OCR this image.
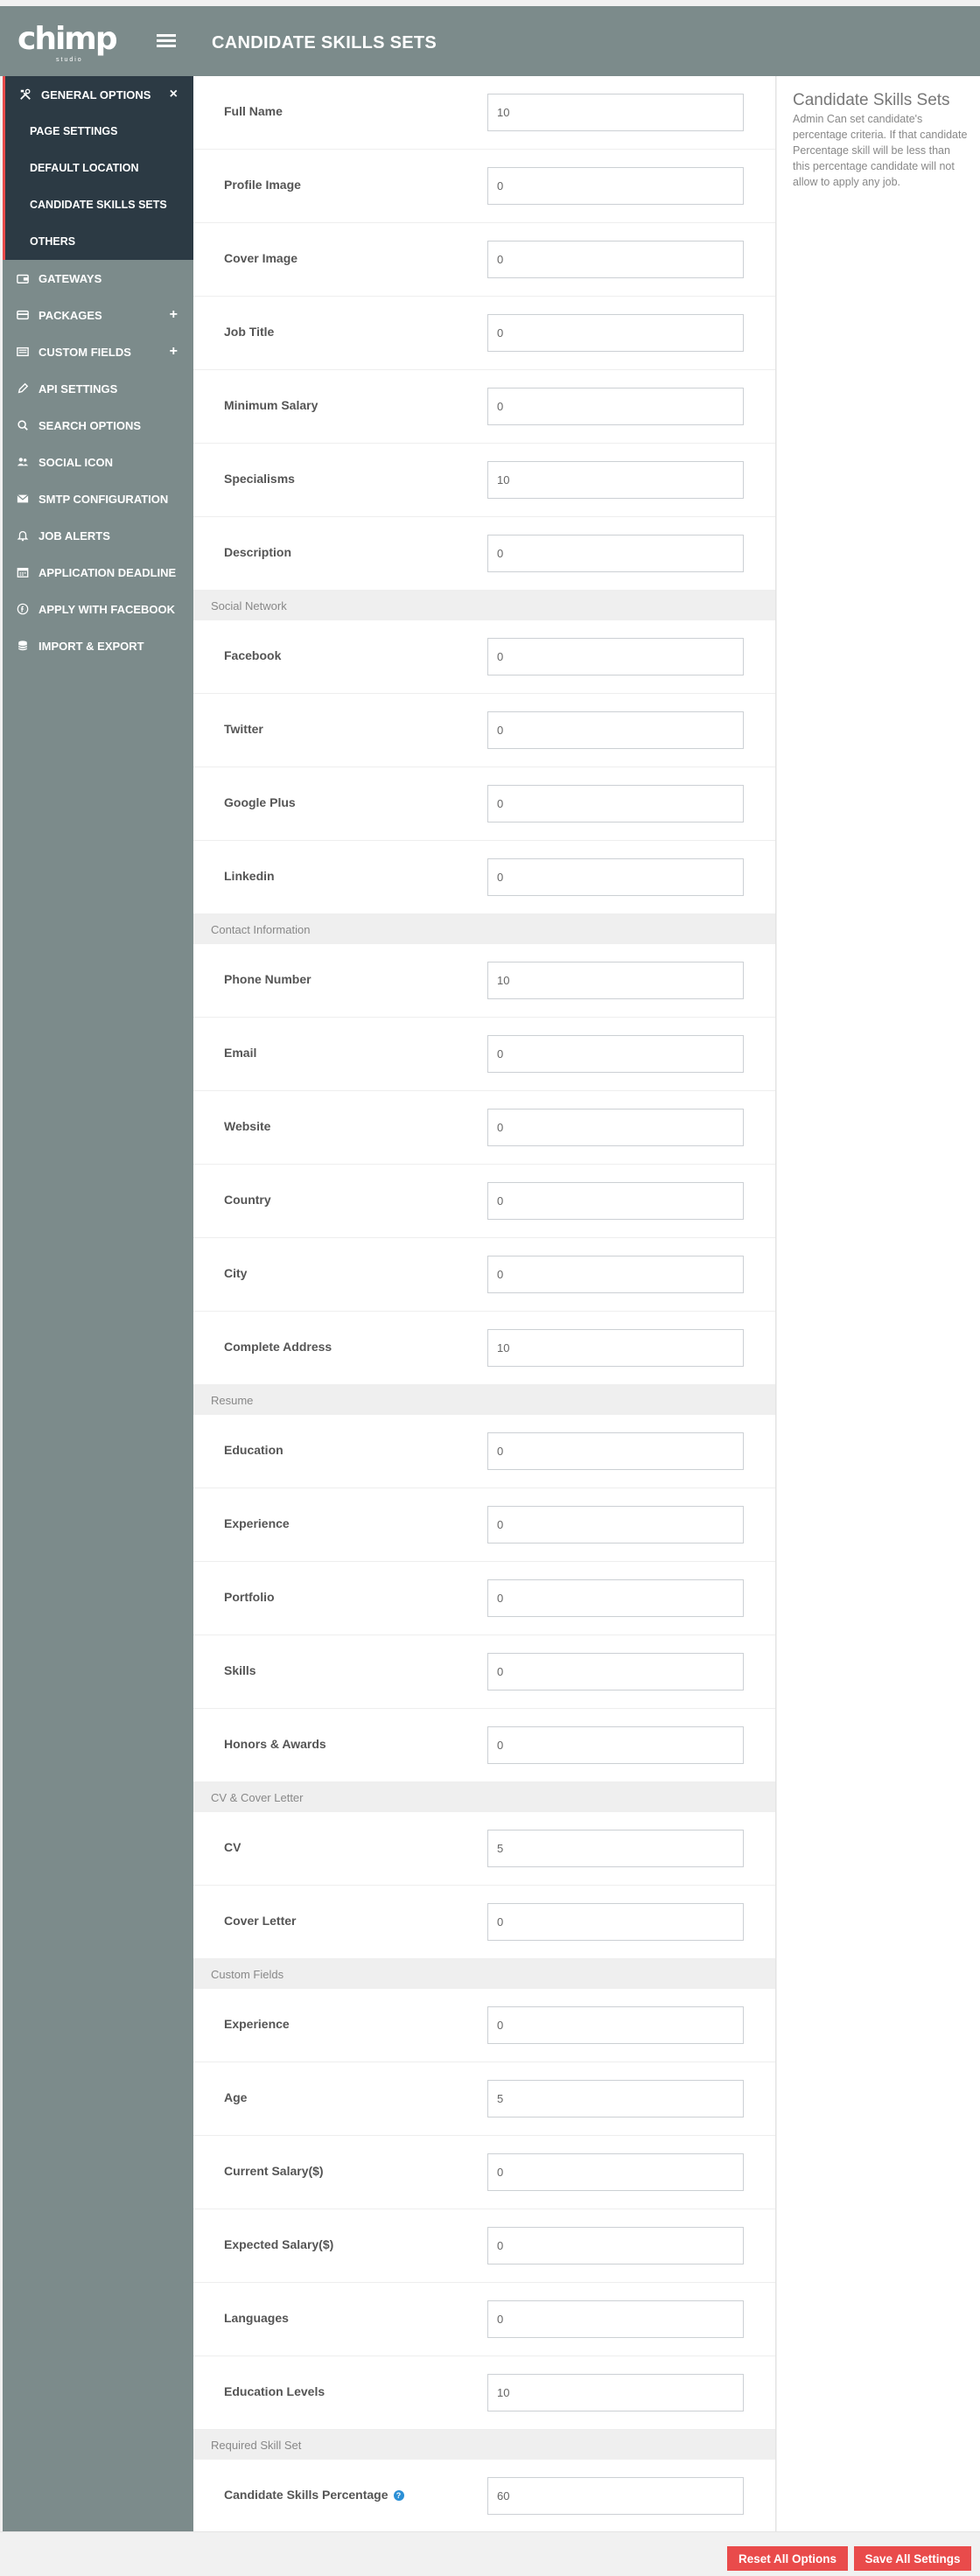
chimp
studio
CANDIDATE SKILLS SETS
GENERAL OPTIONS ×
PAGE SETTINGS
DEFAULT LOCATION
CANDIDATE SKILLS SETS
OTHERS
GATEWAYS
PACKAGES	+
CUSTOM FIELDS	+
API SETTINGS
SEARCH OPTIONS
SOCIAL ICON
SMTP CONFIGURATION
JOB ALERTS
APPLICATION DEADLINE
APPLY WITH FACEBOOK
IMPORT & EXPORT
Full Name
10
Profile Image
0
Cover Image
0
Job Title
0
Minimum Salary
0
Specialisms
10
Description
0
Social Network
Facebook
0
Twitter
0
Google Plus
0
Linkedin
0
Contact Information
Phone Number
10
Email
0
Website
0
Country
0
City
0
Complete Address
10
Resume
Education
0
Experience
0
Portfolio
0
Skills
0
Honors & Awards
0
CV & Cover Letter
CV
5
Cover Letter
0
Custom Fields
Experience
0
Age
5
Current Salary($)
0
Expected Salary($)
0
Languages
0
Education Levels
10
Required Skill Set
Candidate Skills Percentage ?
60
Candidate Skills Sets
Admin Can set candidate's percentage criteria. If that candidate Percentage skill will be less than this percentage candidate will not allow to apply any job.
Reset All Options	Save All Settings
